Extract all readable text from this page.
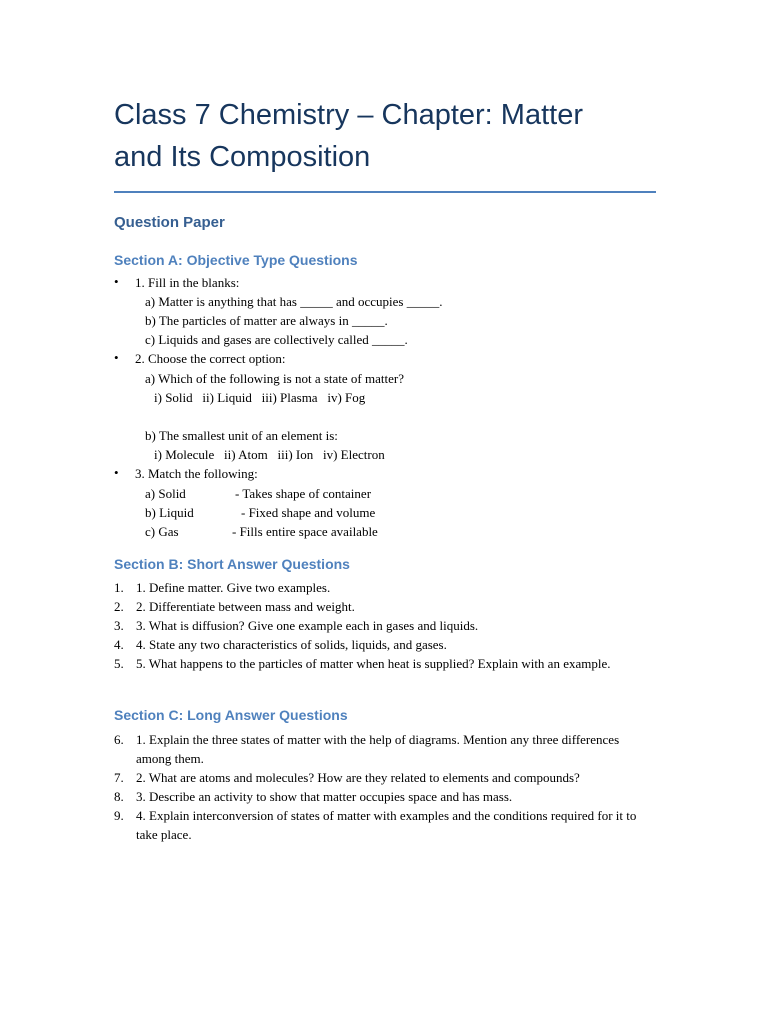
Class 7 Chemistry – Chapter: Matter
and Its Composition
Question Paper
Section A: Objective Type Questions
• 1. Fill in the blanks:
a) Matter is anything that has _____ and occupies _____.
b) The particles of matter are always in _____.
c) Liquids and gases are collectively called _____.
• 2. Choose the correct option:
a) Which of the following is not a state of matter?
i) Solid   ii) Liquid   iii) Plasma   iv) Fog
b) The smallest unit of an element is:
i) Molecule   ii) Atom   iii) Ion   iv) Electron
• 3. Match the following:
a) Solid	- Takes shape of container
b) Liquid	- Fixed shape and volume
c) Gas	- Fills entire space available
Section B: Short Answer Questions
1. 1. Define matter. Give two examples.
2. 2. Differentiate between mass and weight.
3. 3. What is diffusion? Give one example each in gases and liquids.
4. 4. State any two characteristics of solids, liquids, and gases.
5. 5. What happens to the particles of matter when heat is supplied? Explain with an example.
Section C: Long Answer Questions
6. 1. Explain the three states of matter with the help of diagrams. Mention any three differences among them.
7. 2. What are atoms and molecules? How are they related to elements and compounds?
8. 3. Describe an activity to show that matter occupies space and has mass.
9. 4. Explain interconversion of states of matter with examples and the conditions required for it to take place.
